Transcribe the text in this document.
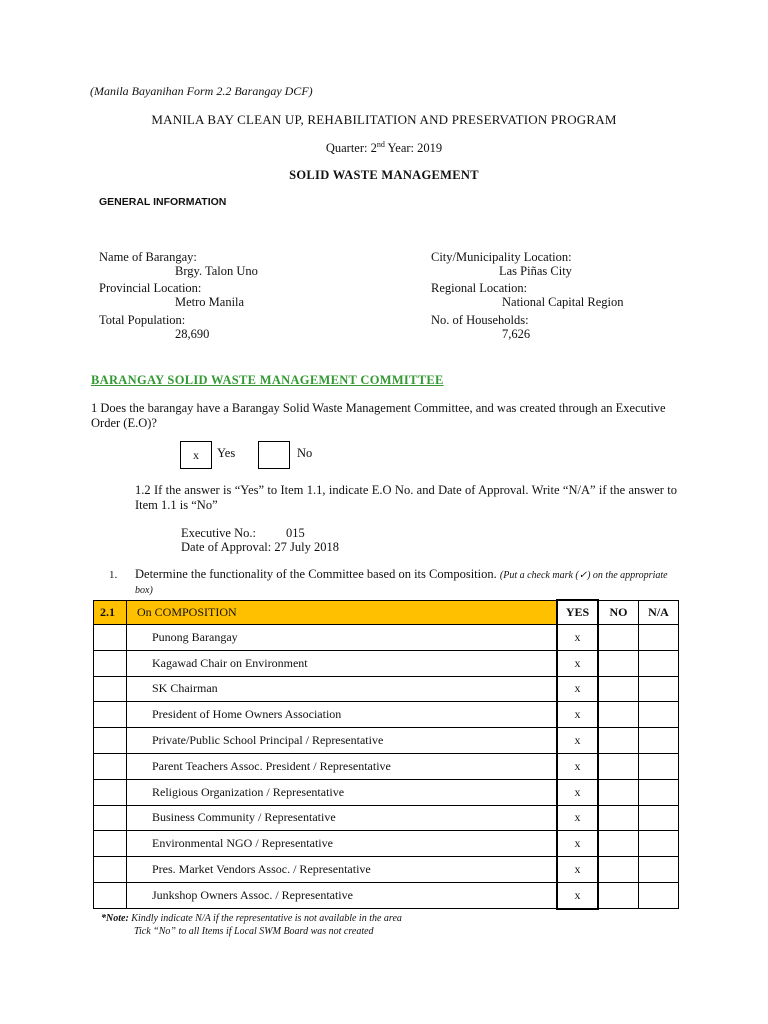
(Manila Bayanihan Form 2.2 Barangay DCF)
MANILA BAY CLEAN UP, REHABILITATION AND PRESERVATION PROGRAM
Quarter: 2nd Year: 2019
SOLID WASTE MANAGEMENT
GENERAL INFORMATION
Name of Barangay:
Brgy. Talon Uno
City/Municipality Location:
Las Piñas City
Provincial Location:
Metro Manila
Regional Location:
National Capital Region
Total Population:
28,690
No. of Households:
7,626
BARANGAY SOLID WASTE MANAGEMENT COMMITTEE
1 Does the barangay have a Barangay Solid Waste Management Committee, and was created through an Executive Order (E.O)?
x	Yes	No
1.2 If the answer is “Yes” to Item 1.1, indicate E.O No. and Date of Approval. Write “N/A” if the answer to Item 1.1 is “No”
Executive No.: 015
Date of Approval: 27 July 2018
1. Determine the functionality of the Committee based on its Composition. (Put a check mark (✓) on the appropriate box)
2.1	On COMPOSITION	YES	NO	N/A
	Punong Barangay	x		
	Kagawad Chair on Environment	x		
	SK Chairman	x		
	President of Home Owners Association	x		
	Private/Public School Principal / Representative	x		
	Parent Teachers Assoc. President / Representative	x		
	Religious Organization / Representative	x		
	Business Community / Representative	x		
	Environmental NGO / Representative	x		
	Pres. Market Vendors Assoc. / Representative	x		
	Junkshop Owners Assoc. / Representative	x		
*Note: Kindly indicate N/A if the representative is not available in the area
Tick “No” to all Items if Local SWM Board was not created
